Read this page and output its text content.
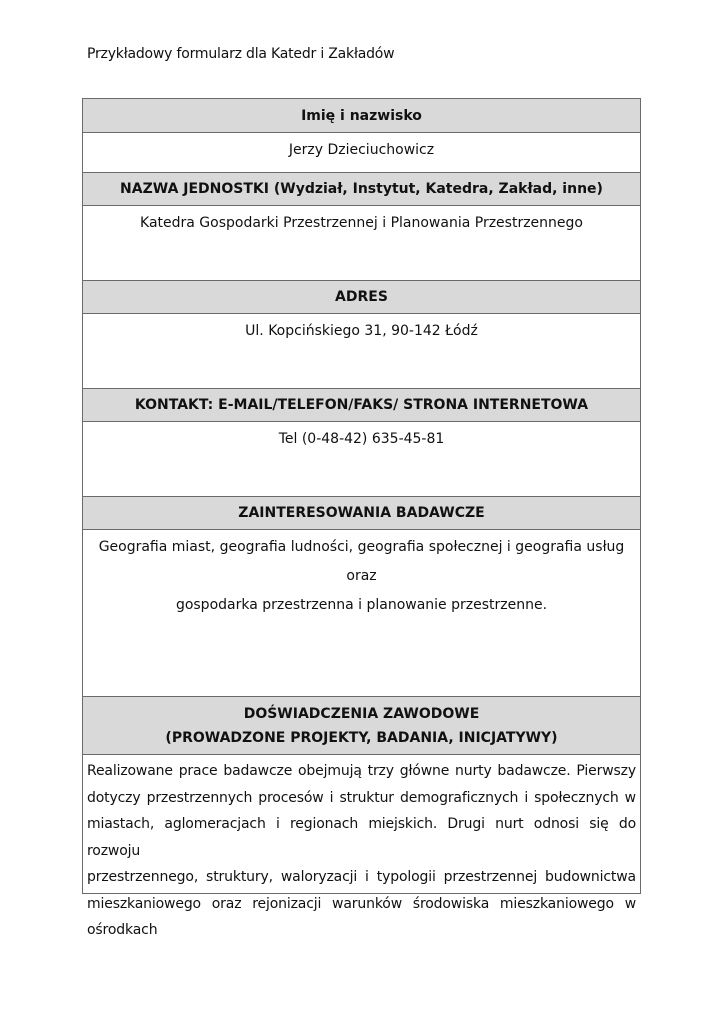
Przykładowy formularz dla Katedr i Zakładów
Imię i nazwisko
Jerzy Dzieciuchowicz
NAZWA JEDNOSTKI (Wydział, Instytut, Katedra, Zakład, inne)
Katedra Gospodarki Przestrzennej i Planowania Przestrzennego
ADRES
Ul. Kopcińskiego 31, 90-142 Łódź
KONTAKT: E-MAIL/TELEFON/FAKS/ STRONA INTERNETOWA
Tel (0-48-42) 635-45-81
ZAINTERESOWANIA BADAWCZE
Geografia miast, geografia ludności, geografia społecznej i geografia usług oraz
gospodarka przestrzenna i planowanie przestrzenne.
DOŚWIADCZENIA ZAWODOWE
(PROWADZONE PROJEKTY, BADANIA, INICJATYWY)
Realizowane prace badawcze obejmują trzy główne nurty badawcze. Pierwszy
dotyczy przestrzennych procesów i struktur demograficznych i społecznych w
miastach, aglomeracjach i regionach miejskich. Drugi nurt odnosi się do rozwoju
przestrzennego, struktury, waloryzacji i typologii przestrzennej budownictwa
mieszkaniowego oraz rejonizacji warunków środowiska mieszkaniowego w ośrodkach
